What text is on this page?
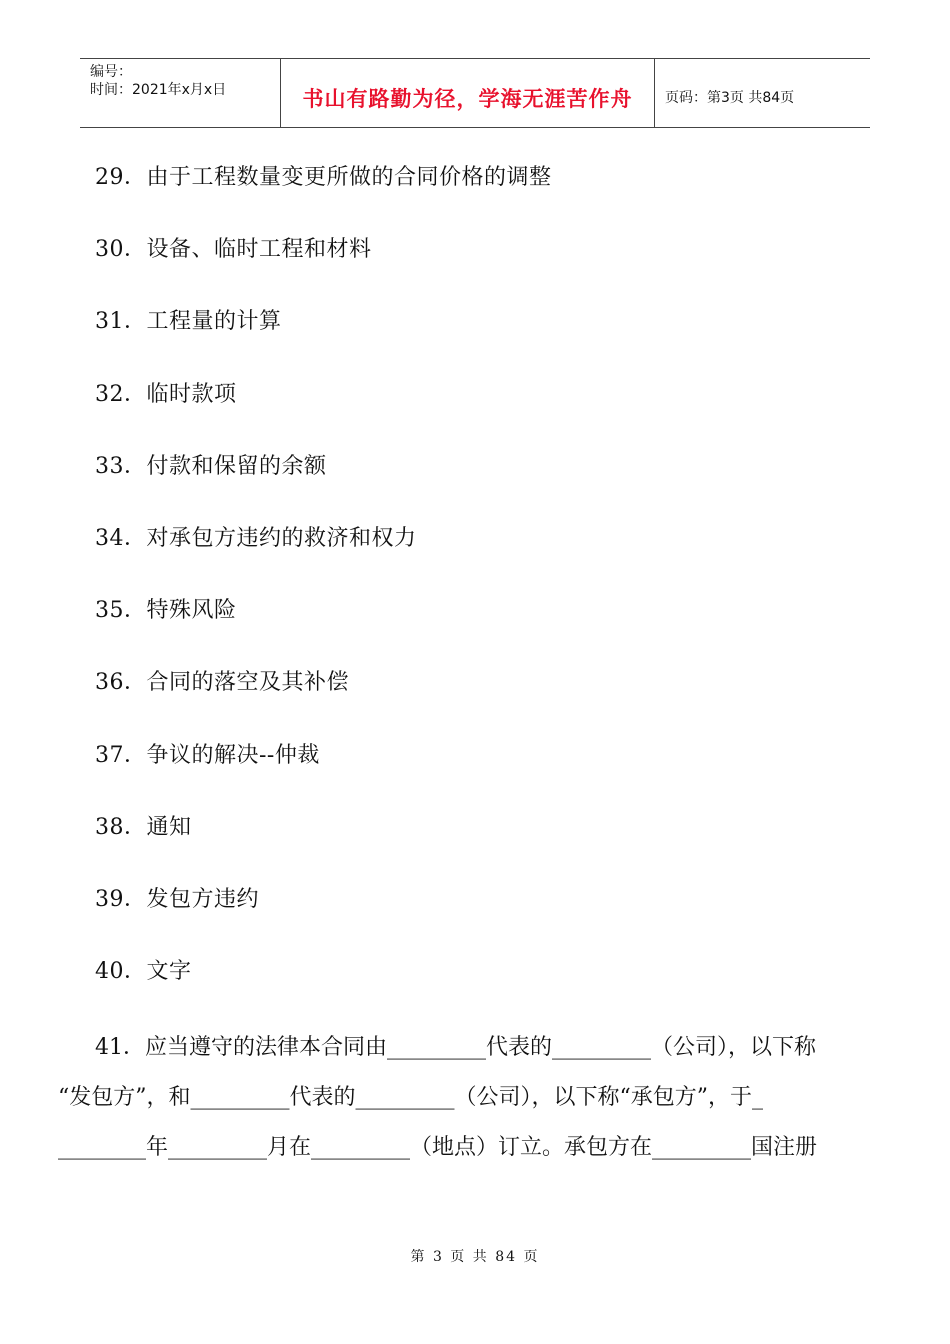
编号：
时间：2021年x月x日	书山有路勤为径，学海无涯苦作舟	页码：第3页 共84页
29．由于工程数量变更所做的合同价格的调整
30．设备、临时工程和材料
31．工程量的计算
32．临时款项
33．付款和保留的余额
34．对承包方违约的救济和权力
35．特殊风险
36．合同的落空及其补偿
37．争议的解决--仲裁
38．通知
39．发包方违约
40．文字
41．应当遵守的法律本合同由_________代表的_________（公司），以下称
“发包方”，和_________代表的_________（公司），以下称“承包方”，于_
________年_________月在_________（地点）订立。承包方在_________国注册
第 3 页 共 84 页
